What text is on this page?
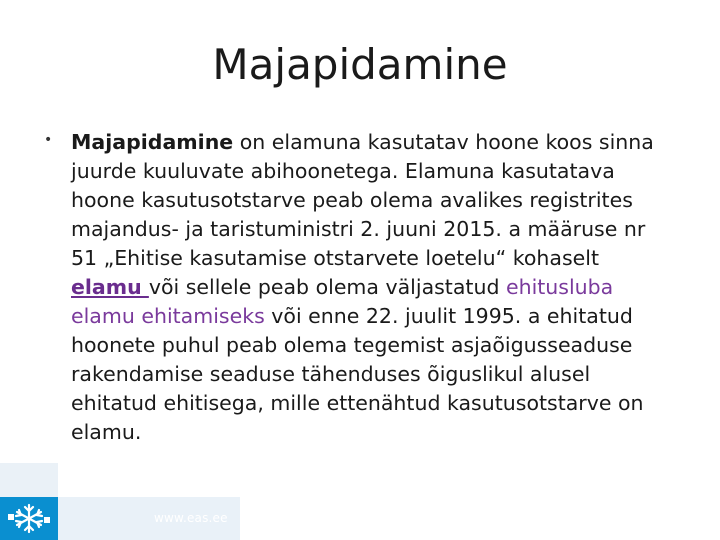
Majapidamine
• Majapidamine on elamuna kasutatav hoone koos sinna juurde kuuluvate abihoonetega. Elamuna kasutatava hoone kasutusotstarve peab olema avalikes registrites majandus- ja taristuministri 2. juuni 2015. a määruse nr 51 „Ehitise kasutamise otstarvete loetelu“ kohaselt elamu või sellele peab olema väljastatud ehitusluba elamu ehitamiseks või enne 22. juulit 1995. a ehitatud hoonete puhul peab olema tegemist asjaõigusseaduse rakendamise seaduse tähenduses õiguslikul alusel ehitatud ehitisega, mille ettenähtud kasutusotstarve on elamu.

www.eas.ee
